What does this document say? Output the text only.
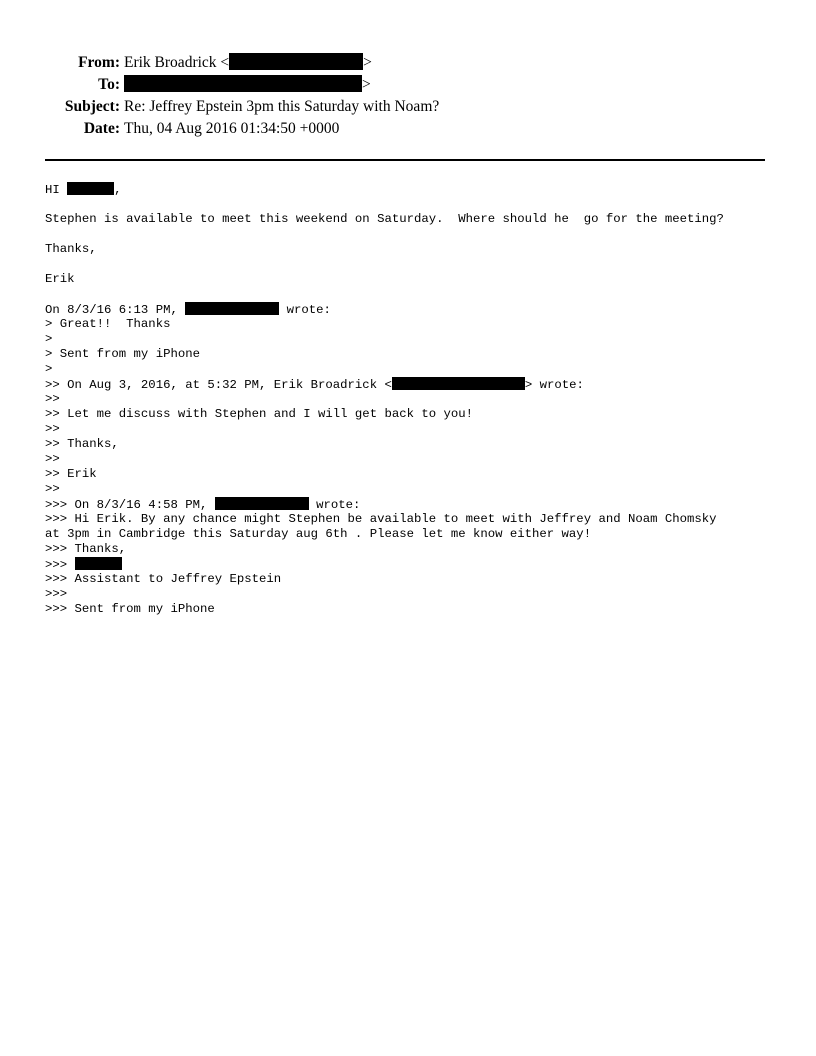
From: Erik Broadrick <	>
To:	>
Subject: Re: Jeffrey Epstein 3pm this Saturday with Noam?
Date: Thu, 04 Aug 2016 01:34:50 +0000
HI	,
Stephen is available to meet this weekend on Saturday.  Where should he  go for the meeting?
Thanks,
Erik
On 8/3/16 6:13 PM,	wrote:
> Great!!  Thanks
>
> Sent from my iPhone
>
>> On Aug 3, 2016, at 5:32 PM, Erik Broadrick <	> wrote:
>>
>> Let me discuss with Stephen and I will get back to you!
>>
>> Thanks,
>>
>> Erik
>>
>>> On 8/3/16 4:58 PM,	wrote:
>>> Hi Erik. By any chance might Stephen be available to meet with Jeffrey and Noam Chomsky
at 3pm in Cambridge this Saturday aug 6th . Please let me know either way!
>>> Thanks,
>>>
>>> Assistant to Jeffrey Epstein
>>>
>>> Sent from my iPhone
